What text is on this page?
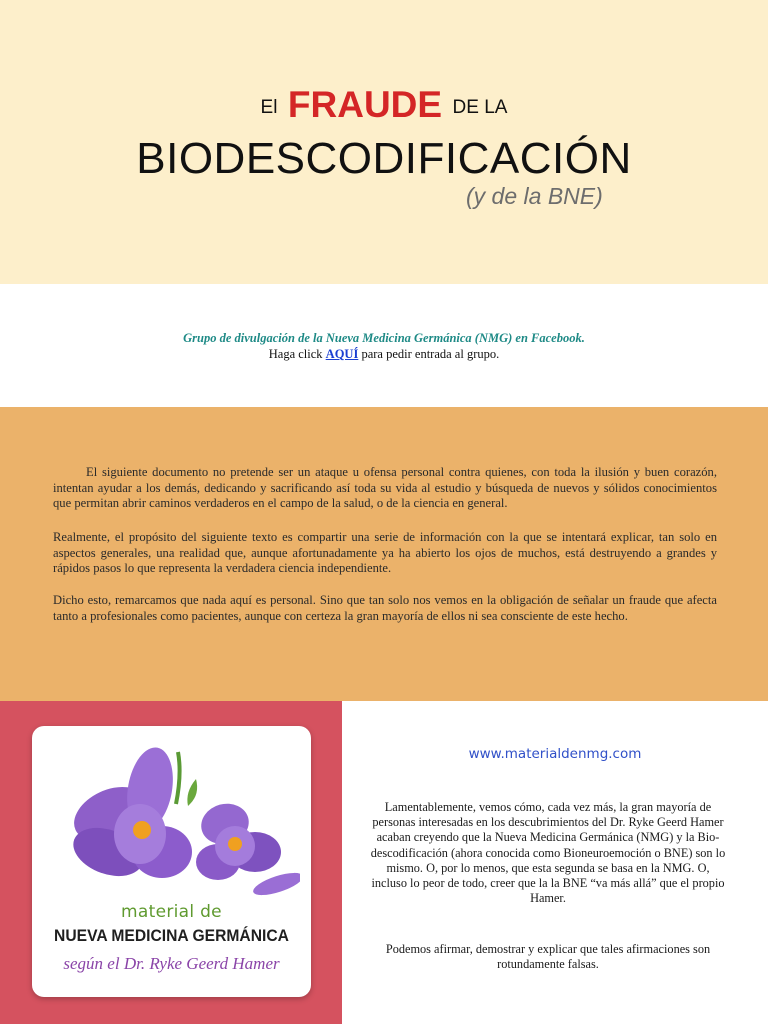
El FRAUDE DE LA
BIODESCODIFICACIÓN
(y de la BNE)
Grupo de divulgación de la Nueva Medicina Germánica (NMG) en Facebook.
Haga click AQUÍ para pedir entrada al grupo.

El siguiente documento no pretende ser un ataque u ofensa personal contra quienes, con toda la ilusión y buen corazón, intentan ayudar a los demás, dedicando y sacrificando así toda su vida al estudio y búsqueda de nuevos y sólidos conocimientos que permitan abrir caminos verdaderos en el campo de la salud, o de la ciencia en general.

Realmente, el propósito del siguiente texto es compartir una serie de información con la que se intentará explicar, tan solo en aspectos generales, una realidad que, aunque afortunadamente ya ha abierto los ojos de muchos, está destruyendo a grandes y rápidos pasos lo que representa la verdadera ciencia independiente.

Dicho esto, remarcamos que nada aquí es personal. Sino que tan solo nos vemos en la obligación de señalar un fraude que afecta tanto a profesionales como pacientes, aunque con certeza la gran mayoría de ellos ni sea consciente de este hecho.

material de
NUEVA MEDICINA GERMÁNICA
según el Dr. Ryke Geerd Hamer
www.materialdenmg.com

Lamentablemente, vemos cómo, cada vez más, la gran mayoría de personas interesadas en los descubrimientos del Dr. Ryke Geerd Hamer acaban creyendo que la Nueva Medicina Germánica (NMG) y la Bio-descodificación (ahora conocida como Bioneuroemoción o BNE) son lo mismo. O, por lo menos, que esta segunda se basa en la NMG. O, incluso lo peor de todo, creer que la la BNE “va más allá” que el propio Hamer.

Podemos afirmar, demostrar y explicar que tales afirmaciones son rotundamente falsas.
